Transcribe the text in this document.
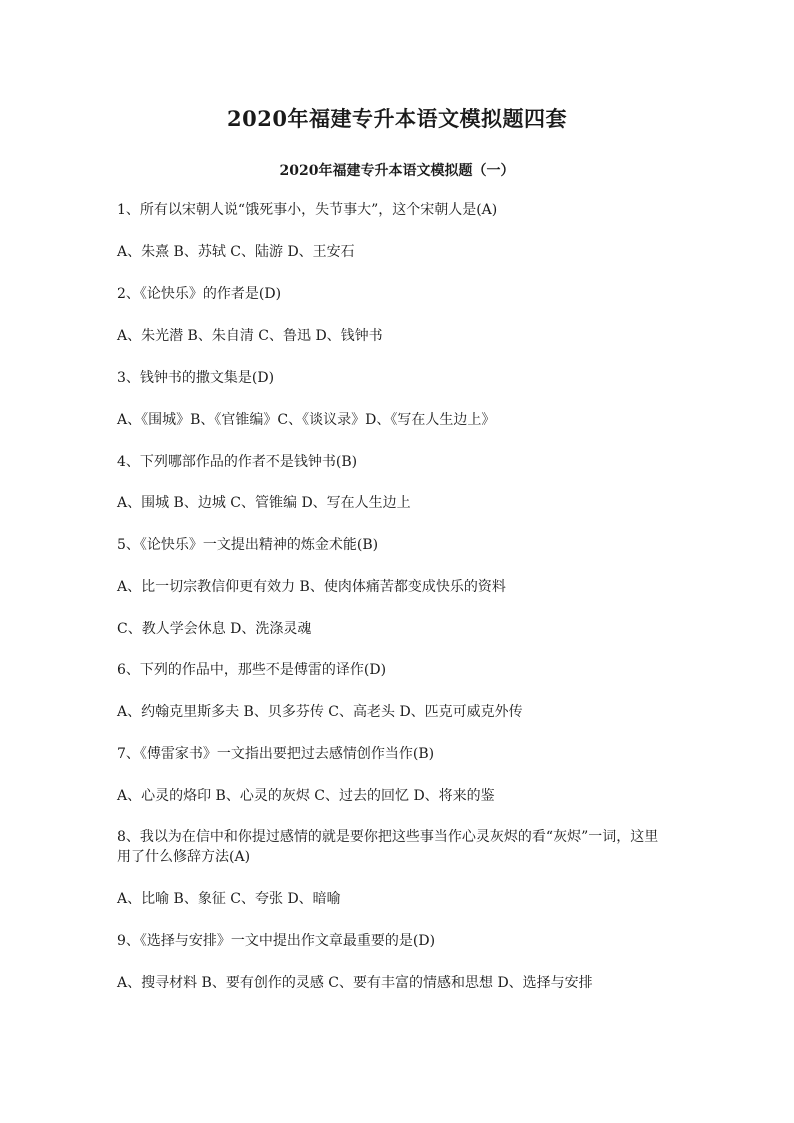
2020年福建专升本语文模拟题四套
2020年福建专升本语文模拟题（一）

1、所有以宋朝人说“饿死事小，失节事大”，这个宋朝人是(A)

A、朱熹 B、苏轼 C、陆游 D、王安石

2、《论快乐》的作者是(D)

A、朱光潜 B、朱自清 C、鲁迅 D、钱钟书

3、钱钟书的撒文集是(D)

A、《围城》B、《官锥编》C、《谈议录》D、《写在人生边上》

4、下列哪部作品的作者不是钱钟书(B)

A、围城 B、边城 C、管锥编 D、写在人生边上

5、《论快乐》一文提出精神的炼金术能(B)

A、比一切宗教信仰更有效力 B、使肉体痛苦都变成快乐的资料

C、教人学会休息 D、洗涤灵魂

6、下列的作品中，那些不是傅雷的译作(D)

A、约翰克里斯多夫 B、贝多芬传 C、高老头 D、匹克可威克外传

7、《傅雷家书》一文指出要把过去感情创作当作(B)

A、心灵的烙印 B、心灵的灰烬 C、过去的回忆 D、将来的鉴

8、我以为在信中和你提过感情的就是要你把这些事当作心灵灰烬的看“灰烬”一词，这里

用了什么修辞方法(A)

A、比喻 B、象征 C、夸张 D、暗喻

9、《选择与安排》一文中提出作文章最重要的是(D)

A、搜寻材料 B、要有创作的灵感 C、要有丰富的情感和思想 D、选择与安排
